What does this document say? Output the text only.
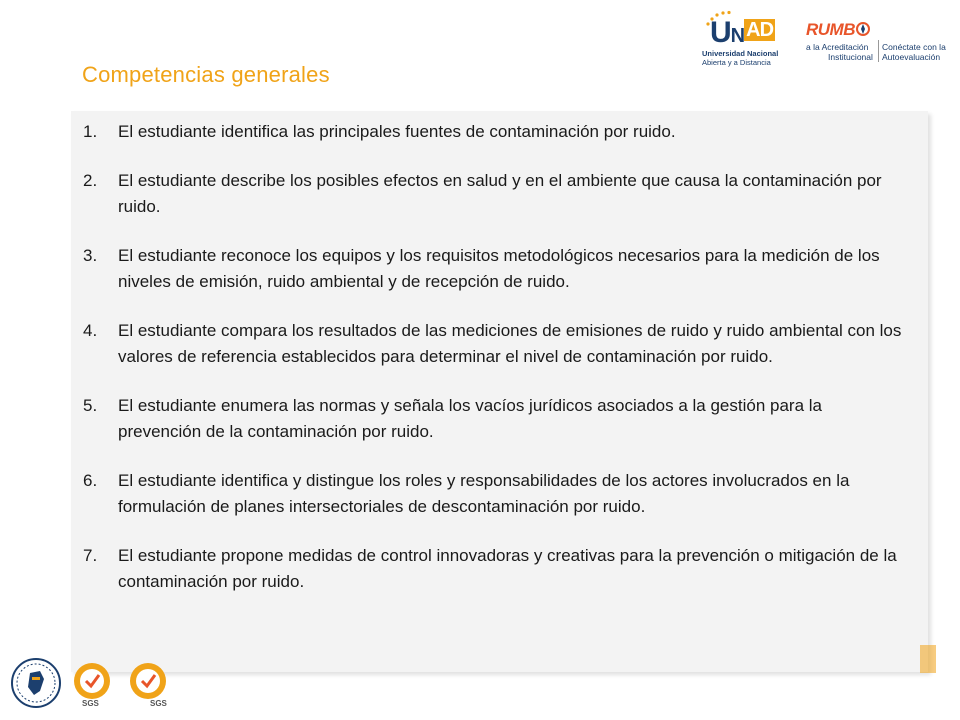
UN $^{AD}$
Universidad Nacional
Abierta y a Distancia
RUMB
a la Acreditación
Institucional
Conéctate con la
Autoevaluación
Competencias generales
1. El estudiante identifica las principales fuentes de contaminación por ruido.
2. El estudiante describe los posibles efectos en salud y en el ambiente que causa la contaminación por ruido.
3. El estudiante reconoce los equipos y los requisitos metodológicos necesarios para la medición de los niveles de emisión, ruido ambiental y de recepción de ruido.
4. El estudiante compara los resultados de las mediciones de emisiones de ruido y ruido ambiental con los valores de referencia establecidos para determinar el nivel de contaminación por ruido.
5. El estudiante enumera las normas y señala los vacíos jurídicos asociados a la gestión para la prevención de la contaminación por ruido.
6. El estudiante identifica y distingue los roles y responsabilidades de los actores involucrados en la formulación de planes intersectoriales de descontaminación por ruido.
7. El estudiante propone medidas de control innovadoras y creativas para la prevención o mitigación de la contaminación por ruido.
SGS	SGS
